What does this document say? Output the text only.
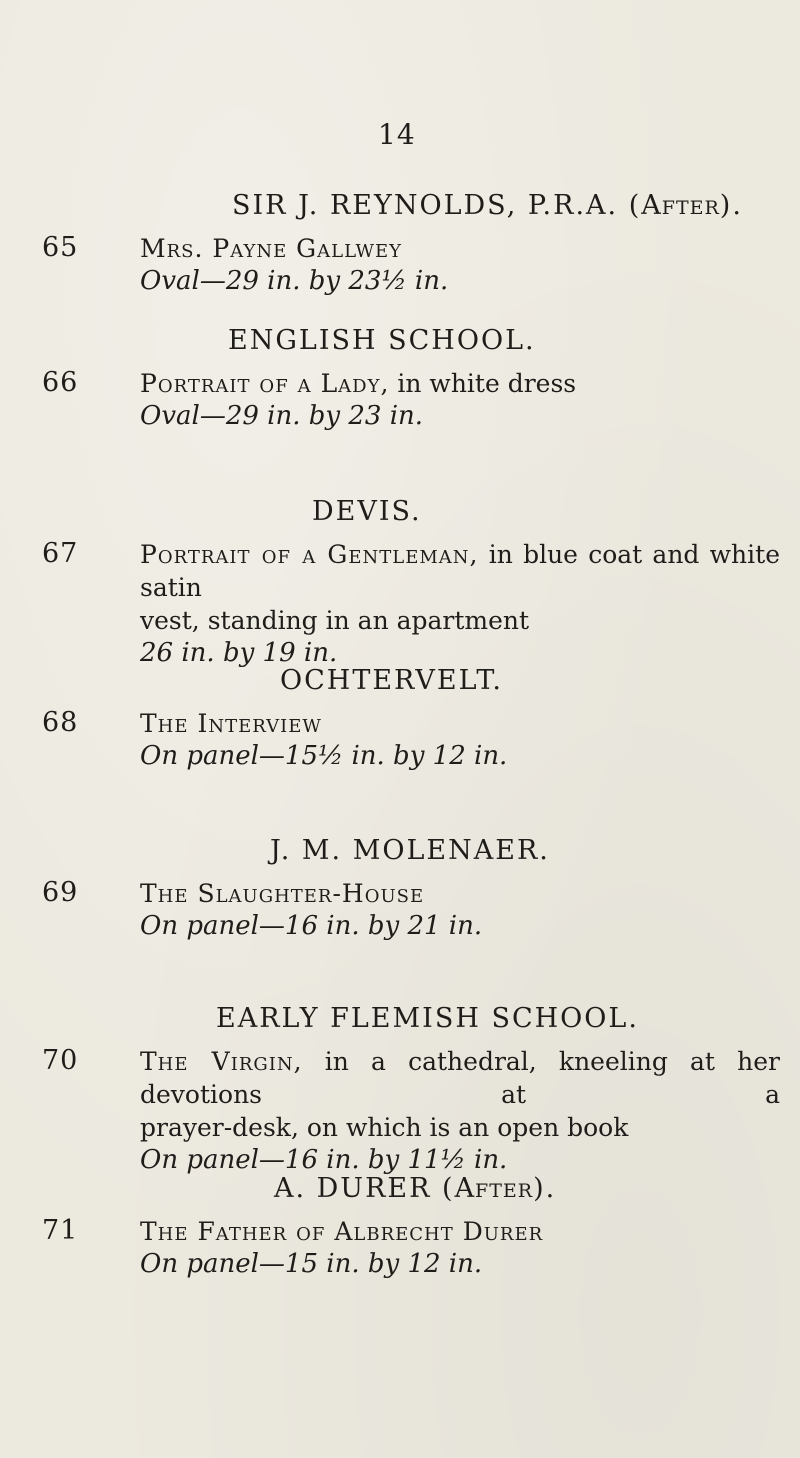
14
SIR J. REYNOLDS, P.R.A. (After).
65 Mrs. Payne Gallwey
Oval—29 in. by 23½ in.
ENGLISH SCHOOL.
66 Portrait of a Lady, in white dress
Oval—29 in. by 23 in.
DEVIS.
67 Portrait of a Gentleman, in blue coat and white satin
vest, standing in an apartment
26 in. by 19 in.
OCHTERVELT.
68 The Interview
On panel—15½ in. by 12 in.
J. M. MOLENAER.
69 The Slaughter-House
On panel—16 in. by 21 in.
EARLY FLEMISH SCHOOL.
70 The Virgin, in a cathedral, kneeling at her devotions at a
prayer-desk, on which is an open book
On panel—16 in. by 11½ in.
A. DURER (After).
71 The Father of Albrecht Durer
On panel—15 in. by 12 in.
